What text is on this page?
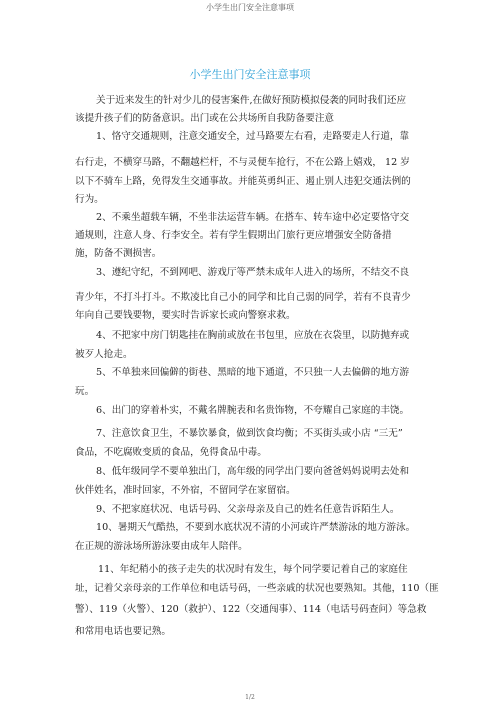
小学生出门安全注意事项
小学生出门安全注意事项
关于近来发生的针对少儿的侵害案件,在做好预防模拟侵袭的同时我们还应
该提升孩子们的防备意识。出门或在公共场所自我防备要注意
1、恪守交通规则，注意交通安全，过马路要左右看，走路要走人行道，靠
右行走，不横穿马路，不翻越栏杆，不与灵便车抢行，不在公路上嬉戏， 12 岁
以下不骑车上路，免得发生交通事故。并能英勇纠正、遏止别人违犯交通法例的
行为。
2、不乘坐超载车辆，不坐非法运营车辆。在搭车、转车途中必定要恪守交
通规则，注意人身、行李安全。若有学生假期出门旅行更应增强安全防备措
施，防备不测损害。
3、遵纪守纪，不到网吧、游戏厅等严禁未成年人进入的场所，不结交不良
青少年，不打斗打斗。不欺凌比自己小的同学和比自己弱的同学，若有不良青少
年向自己要钱要物，要实时告诉家长或向警察求救。
4、不把家中房门钥匙挂在胸前或放在书包里，应放在衣袋里，以防抛弃或
被歹人抢走。
5、不单独来回偏僻的街巷、黑暗的地下通道，不只独一人去偏僻的地方游
玩。
6、出门的穿着朴实，不戴名牌腕表和名贵饰物，不夸耀自己家庭的丰饶。
7、注意饮食卫生，不暴饮暴食，做到饮食均衡；不买街头或小店 “三无”
食品，不吃腐败变质的食品，免得食品中毒。
8、低年级同学不要单独出门，高年级的同学出门要向爸爸妈妈说明去处和
伙伴姓名，准时回家，不外宿，不留同学在家留宿。
9、不把家庭状况、电话号码、父亲母亲及自己的姓名任意告诉陌生人。
10、暑期天气酷热，不要到水底状况不清的小河或许严禁游泳的地方游泳。
在正规的游泳场所游泳要由成年人陪伴。
11、年纪稍小的孩子走失的状况时有发生，每个同学要记着自己的家庭住
址，记着父亲母亲的工作单位和电话号码，一些亲戚的状况也要熟知。其他，110（匪
警）、119（火警）、120（救护）、122（交通闯事）、114（电话号码查问）等急救
和常用电话也要记熟。
1/2
